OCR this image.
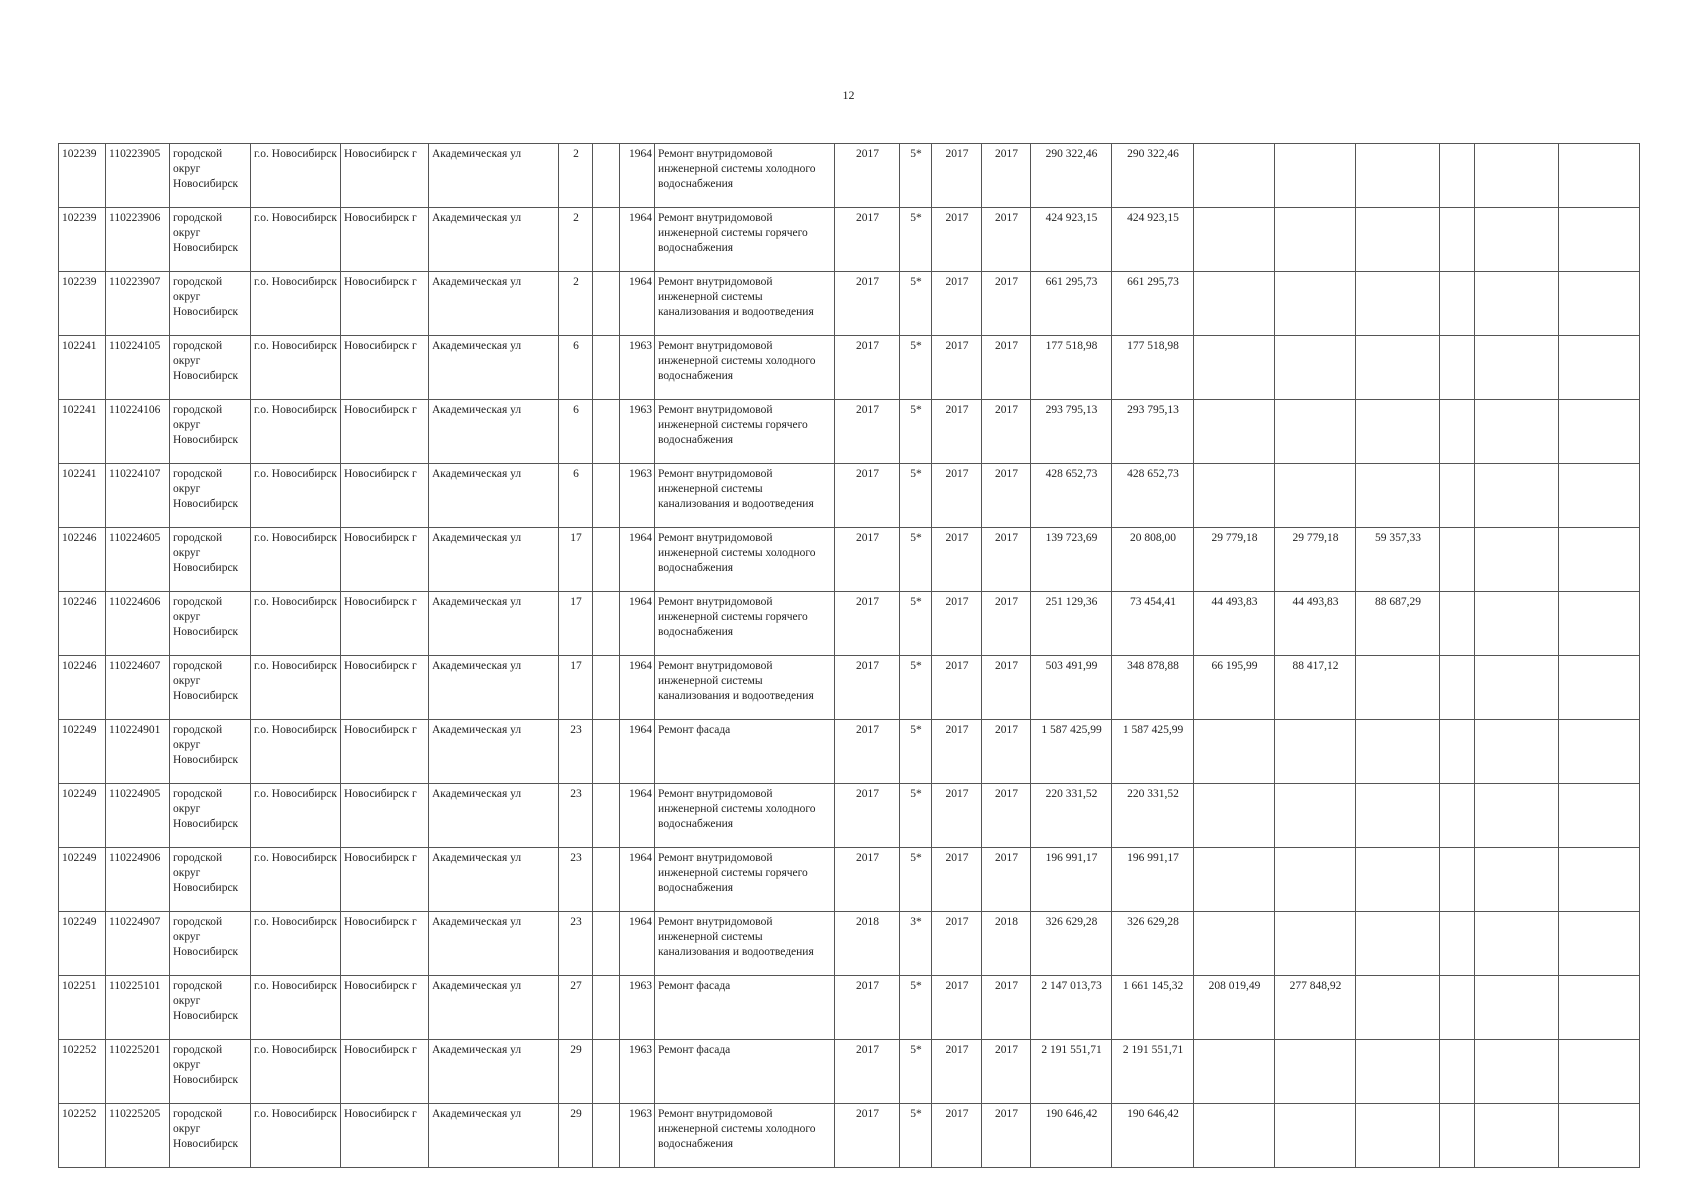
12
102239	110223905	городской округ Новосибирск	г.о. Новосибирск	Новосибирск г	Академическая ул	2		1964	Ремонт внутридомовой инженерной системы холодного водоснабжения	2017	5*	2017	2017	290 322,46	290 322,46						
102239	110223906	городской округ Новосибирск	г.о. Новосибирск	Новосибирск г	Академическая ул	2		1964	Ремонт внутридомовой инженерной системы горячего водоснабжения	2017	5*	2017	2017	424 923,15	424 923,15						
102239	110223907	городской округ Новосибирск	г.о. Новосибирск	Новосибирск г	Академическая ул	2		1964	Ремонт внутридомовой инженерной системы канализования и водоотведения	2017	5*	2017	2017	661 295,73	661 295,73						
102241	110224105	городской округ Новосибирск	г.о. Новосибирск	Новосибирск г	Академическая ул	6		1963	Ремонт внутридомовой инженерной системы холодного водоснабжения	2017	5*	2017	2017	177 518,98	177 518,98						
102241	110224106	городской округ Новосибирск	г.о. Новосибирск	Новосибирск г	Академическая ул	6		1963	Ремонт внутридомовой инженерной системы горячего водоснабжения	2017	5*	2017	2017	293 795,13	293 795,13						
102241	110224107	городской округ Новосибирск	г.о. Новосибирск	Новосибирск г	Академическая ул	6		1963	Ремонт внутридомовой инженерной системы канализования и водоотведения	2017	5*	2017	2017	428 652,73	428 652,73						
102246	110224605	городской округ Новосибирск	г.о. Новосибирск	Новосибирск г	Академическая ул	17		1964	Ремонт внутридомовой инженерной системы холодного водоснабжения	2017	5*	2017	2017	139 723,69	20 808,00	29 779,18	29 779,18	59 357,33			
102246	110224606	городской округ Новосибирск	г.о. Новосибирск	Новосибирск г	Академическая ул	17		1964	Ремонт внутридомовой инженерной системы горячего водоснабжения	2017	5*	2017	2017	251 129,36	73 454,41	44 493,83	44 493,83	88 687,29			
102246	110224607	городской округ Новосибирск	г.о. Новосибирск	Новосибирск г	Академическая ул	17		1964	Ремонт внутридомовой инженерной системы канализования и водоотведения	2017	5*	2017	2017	503 491,99	348 878,88	66 195,99	88 417,12				
102249	110224901	городской округ Новосибирск	г.о. Новосибирск	Новосибирск г	Академическая ул	23		1964	Ремонт фасада	2017	5*	2017	2017	1 587 425,99	1 587 425,99						
102249	110224905	городской округ Новосибирск	г.о. Новосибирск	Новосибирск г	Академическая ул	23		1964	Ремонт внутридомовой инженерной системы холодного водоснабжения	2017	5*	2017	2017	220 331,52	220 331,52						
102249	110224906	городской округ Новосибирск	г.о. Новосибирск	Новосибирск г	Академическая ул	23		1964	Ремонт внутридомовой инженерной системы горячего водоснабжения	2017	5*	2017	2017	196 991,17	196 991,17						
102249	110224907	городской округ Новосибирск	г.о. Новосибирск	Новосибирск г	Академическая ул	23		1964	Ремонт внутридомовой инженерной системы канализования и водоотведения	2018	3*	2017	2018	326 629,28	326 629,28						
102251	110225101	городской округ Новосибирск	г.о. Новосибирск	Новосибирск г	Академическая ул	27		1963	Ремонт фасада	2017	5*	2017	2017	2 147 013,73	1 661 145,32	208 019,49	277 848,92				
102252	110225201	городской округ Новосибирск	г.о. Новосибирск	Новосибирск г	Академическая ул	29		1963	Ремонт фасада	2017	5*	2017	2017	2 191 551,71	2 191 551,71						
102252	110225205	городской округ Новосибирск	г.о. Новосибирск	Новосибирск г	Академическая ул	29		1963	Ремонт внутридомовой инженерной системы холодного водоснабжения	2017	5*	2017	2017	190 646,42	190 646,42						
